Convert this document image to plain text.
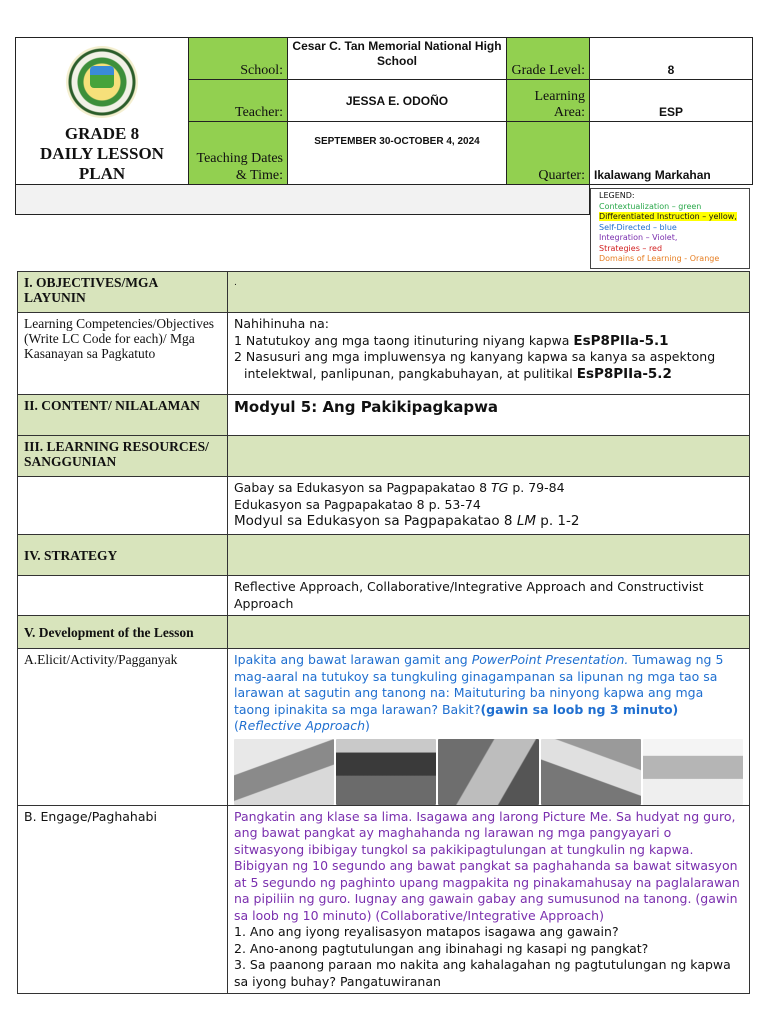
GRADE 8
DAILY LESSON
PLAN	School:	Cesar C. Tan Memorial National High School	Grade Level:	8
	Teacher:	JESSA E. ODOÑO	Learning Area:	ESP
	Teaching Dates & Time:	SEPTEMBER 30-OCTOBER 4, 2024	Quarter:	Ikalawang Markahan

LEGEND:
Contextualization – green
Differentiated Instruction – yellow,
Self-Directed – blue
Integration – Violet,
Strategies – red
Domains of Learning - Orange
I. OBJECTIVES/MGA LAYUNIN	.
Learning Competencies/Objectives (Write LC Code for each)/ Mga Kasanayan sa Pagkatuto	Nahihinuha na:
1 Natutukoy ang mga taong itinuturing niyang kapwa EsP8PIIa-5.1
2 Nasusuri ang mga impluwensya ng kanyang kapwa sa kanya sa aspektong intelektwal, panlipunan, pangkabuhayan, at pulitikal EsP8PIIa-5.2

II. CONTENT/ NILALAMAN	Modyul 5: Ang Pakikipagkapwa
III. LEARNING RESOURCES/ SANGGUNIAN	

	Gabay sa Edukasyon sa Pagpapakatao 8 TG p. 79-84
Edukasyon sa Pagpapakatao 8 p. 53-74
Modyul sa Edukasyon sa Pagpapakatao 8 LM p. 1-2

IV. STRATEGY	
	Reflective Approach, Collaborative/Integrative Approach and Constructivist Approach
V. Development of the Lesson	
A.Elicit/Activity/Pagganyak	Ipakita ang bawat larawan gamit ang PowerPoint Presentation. Tumawag ng 5 mag-aaral na tutukoy sa tungkuling ginagampanan sa lipunan ng mga tao sa larawan at sagutin ang tanong na: Maituturing ba ninyong kapwa ang mga taong ipinakita sa mga larawan? Bakit?(gawin sa loob ng 3 minuto) (Reflective Approach)

B. Engage/Paghahabi	Pangkatin ang klase sa lima. Isagawa ang larong Picture Me. Sa hudyat ng guro, ang bawat pangkat ay maghahanda ng larawan ng mga pangyayari o sitwasyong ibibigay tungkol sa pakikipagtulungan at tungkulin ng kapwa. Bibigyan ng 10 segundo ang bawat pangkat sa paghahanda sa bawat sitwasyon at 5 segundo ng paghinto upang magpakita ng pinakamahusay na paglalarawan na pipiliin ng guro. Iugnay ang gawain gabay ang sumusunod na tanong. (gawin sa loob ng 10 minuto) (Collaborative/Integrative Approach)
1. Ano ang iyong reyalisasyon matapos isagawa ang gawain?
2. Ano-anong pagtutulungan ang ibinahagi ng kasapi ng pangkat?
3. Sa paanong paraan mo nakita ang kahalagahan ng pagtutulungan ng kapwa sa iyong buhay? Pangatuwiranan
